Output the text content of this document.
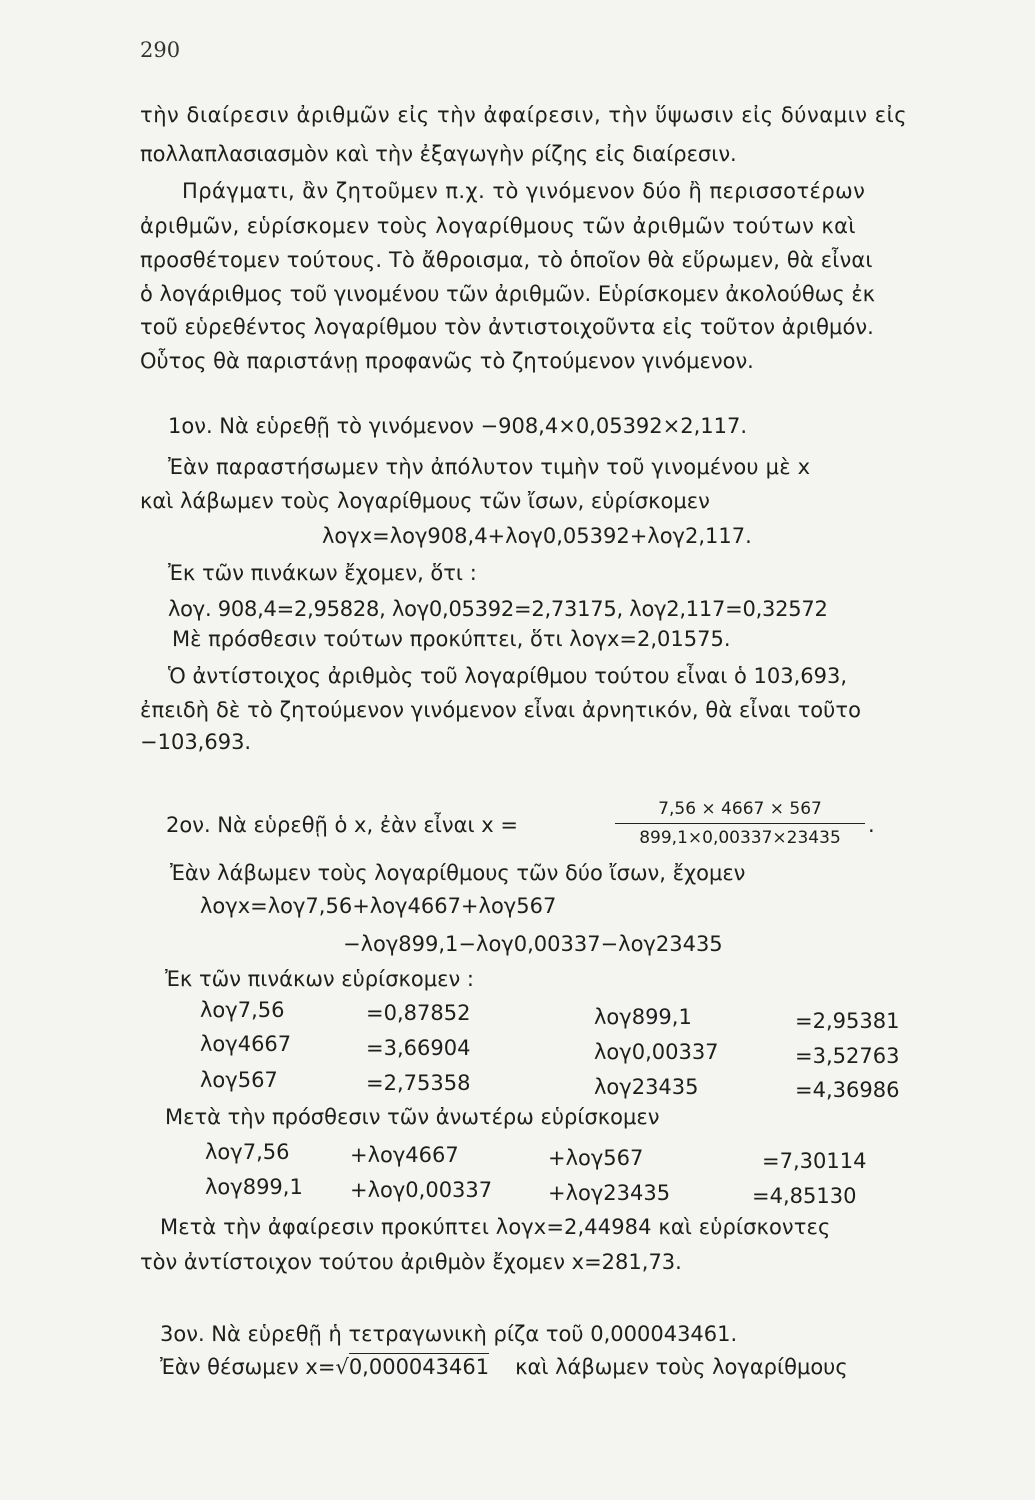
290
τὴν διαίρεσιν ἀριθμῶν εἰς τὴν ἀφαίρεσιν, τὴν ὕψωσιν εἰς δύναμιν εἰς
πολλαπλασιασμὸν καὶ τὴν ἐξαγωγὴν ρίζης εἰς διαίρεσιν.
Πράγματι, ἂν ζητοῦμεν π.χ. τὸ γινόμενον δύο ἢ περισσοτέρων
ἀριθμῶν, εὑρίσκομεν τοὺς λογαρίθμους τῶν ἀριθμῶν τούτων καὶ
προσθέτομεν τούτους. Τὸ ἄθροισμα, τὸ ὁποῖον θὰ εὕρωμεν, θὰ εἶναι
ὁ λογάριθμος τοῦ γινομένου τῶν ἀριθμῶν. Εὑρίσκομεν ἀκολούθως ἐκ
τοῦ εὑρεθέντος λογαρίθμου τὸν ἀντιστοιχοῦντα εἰς τοῦτον ἀριθμόν.
Οὗτος θὰ παριστάνῃ προφανῶς τὸ ζητούμενον γινόμενον.
1ον. Νὰ εὑρεθῇ τὸ γινόμενον −908,4×0,05392×2,117.
Ἐὰν παραστήσωμεν τὴν ἀπόλυτον τιμὴν τοῦ γινομένου μὲ x
καὶ λάβωμεν τοὺς λογαρίθμους τῶν ἴσων, εὑρίσκομεν
λογx=λογ908,4+λογ0,05392+λογ2,117.
Ἐκ τῶν πινάκων ἔχομεν, ὅτι :
λογ. 908,4=2,95828, λογ0,05392=2,73175, λογ2,117=0,32572
Μὲ πρόσθεσιν τούτων προκύπτει, ὅτι λογx=2,01575.
Ὁ ἀντίστοιχος ἀριθμὸς τοῦ λογαρίθμου τούτου εἶναι ὁ 103,693,
ἐπειδὴ δὲ τὸ ζητούμενον γινόμενον εἶναι ἀρνητικόν, θὰ εἶναι τοῦτο
−103,693.
2ον. Νὰ εὑρεθῇ ὁ x, ἐὰν εἶναι x =
7,56 × 4667 × 567
899,1×0,00337×23435
.
Ἐὰν λάβωμεν τοὺς λογαρίθμους τῶν δύο ἴσων, ἔχομεν
λογx=λογ7,56+λογ4667+λογ567
−λογ899,1−λογ0,00337−λογ23435
Ἐκ τῶν πινάκων εὑρίσκομεν :
λογ7,56	=0,87852	λογ899,1	=2,95381
λογ4667	=3,66904	λογ0,00337	=3,52763
λογ567	=2,75358	λογ23435	=4,36986
Μετὰ τὴν πρόσθεσιν τῶν ἀνωτέρω εὑρίσκομεν
λογ7,56	+λογ4667	+λογ567	=7,30114
λογ899,1 +λογ0,00337	+λογ23435	=4,85130
Μετὰ τὴν ἀφαίρεσιν προκύπτει λογx=2,44984 καὶ εὑρίσκοντες
τὸν ἀντίστοιχον τούτου ἀριθμὸν ἔχομεν x=281,73.
3ον. Νὰ εὑρεθῇ ἡ τετραγωνικὴ ρίζα τοῦ 0,000043461.
Ἐὰν θέσωμεν x=√0,000043461 καὶ λάβωμεν τοὺς λογαρίθμους
